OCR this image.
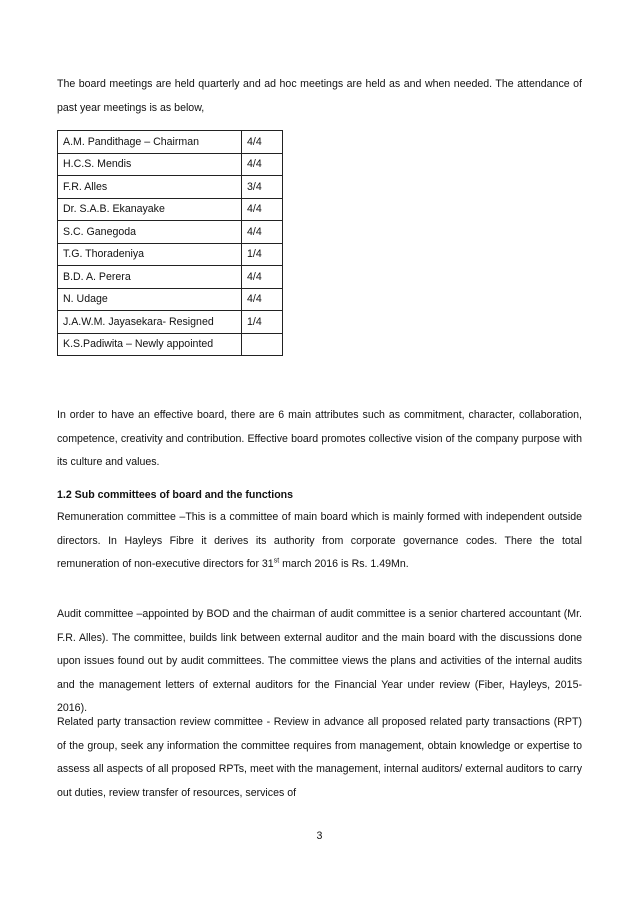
The board meetings are held quarterly and ad hoc meetings are held as and when needed. The attendance of past year meetings is as below,

A.M. Pandithage – Chairman	4/4
H.C.S. Mendis	4/4
F.R. Alles	3/4
Dr. S.A.B. Ekanayake	4/4
S.C. Ganegoda	4/4
T.G. Thoradeniya	1/4
B.D. A. Perera	4/4
N. Udage	4/4
J.A.W.M. Jayasekara- Resigned	1/4
K.S.Padiwita – Newly appointed	

In order to have an effective board, there are 6 main attributes such as commitment, character, collaboration, competence, creativity and contribution. Effective board promotes collective vision of the company purpose with its culture and values.

1.2 Sub committees of board and the functions

Remuneration committee –This is a committee of main board which is mainly formed with independent outside directors. In Hayleys Fibre it derives its authority from corporate governance codes. There the total remuneration of non-executive directors for 31st march 2016 is Rs. 1.49Mn.

Audit committee –appointed by BOD and the chairman of audit committee is a senior chartered accountant (Mr. F.R. Alles). The committee, builds link between external auditor and the main board with the discussions done upon issues found out by audit committees. The committee views the plans and activities of the internal audits and the management letters of external auditors for the Financial Year under review (Fiber, Hayleys, 2015-2016).

Related party transaction review committee - Review in advance all proposed related party transactions (RPT) of the group, seek any information the committee requires from management, obtain knowledge or expertise to assess all aspects of all proposed RPTs, meet with the management, internal auditors/ external auditors to carry out duties, review transfer of resources, services of

3
